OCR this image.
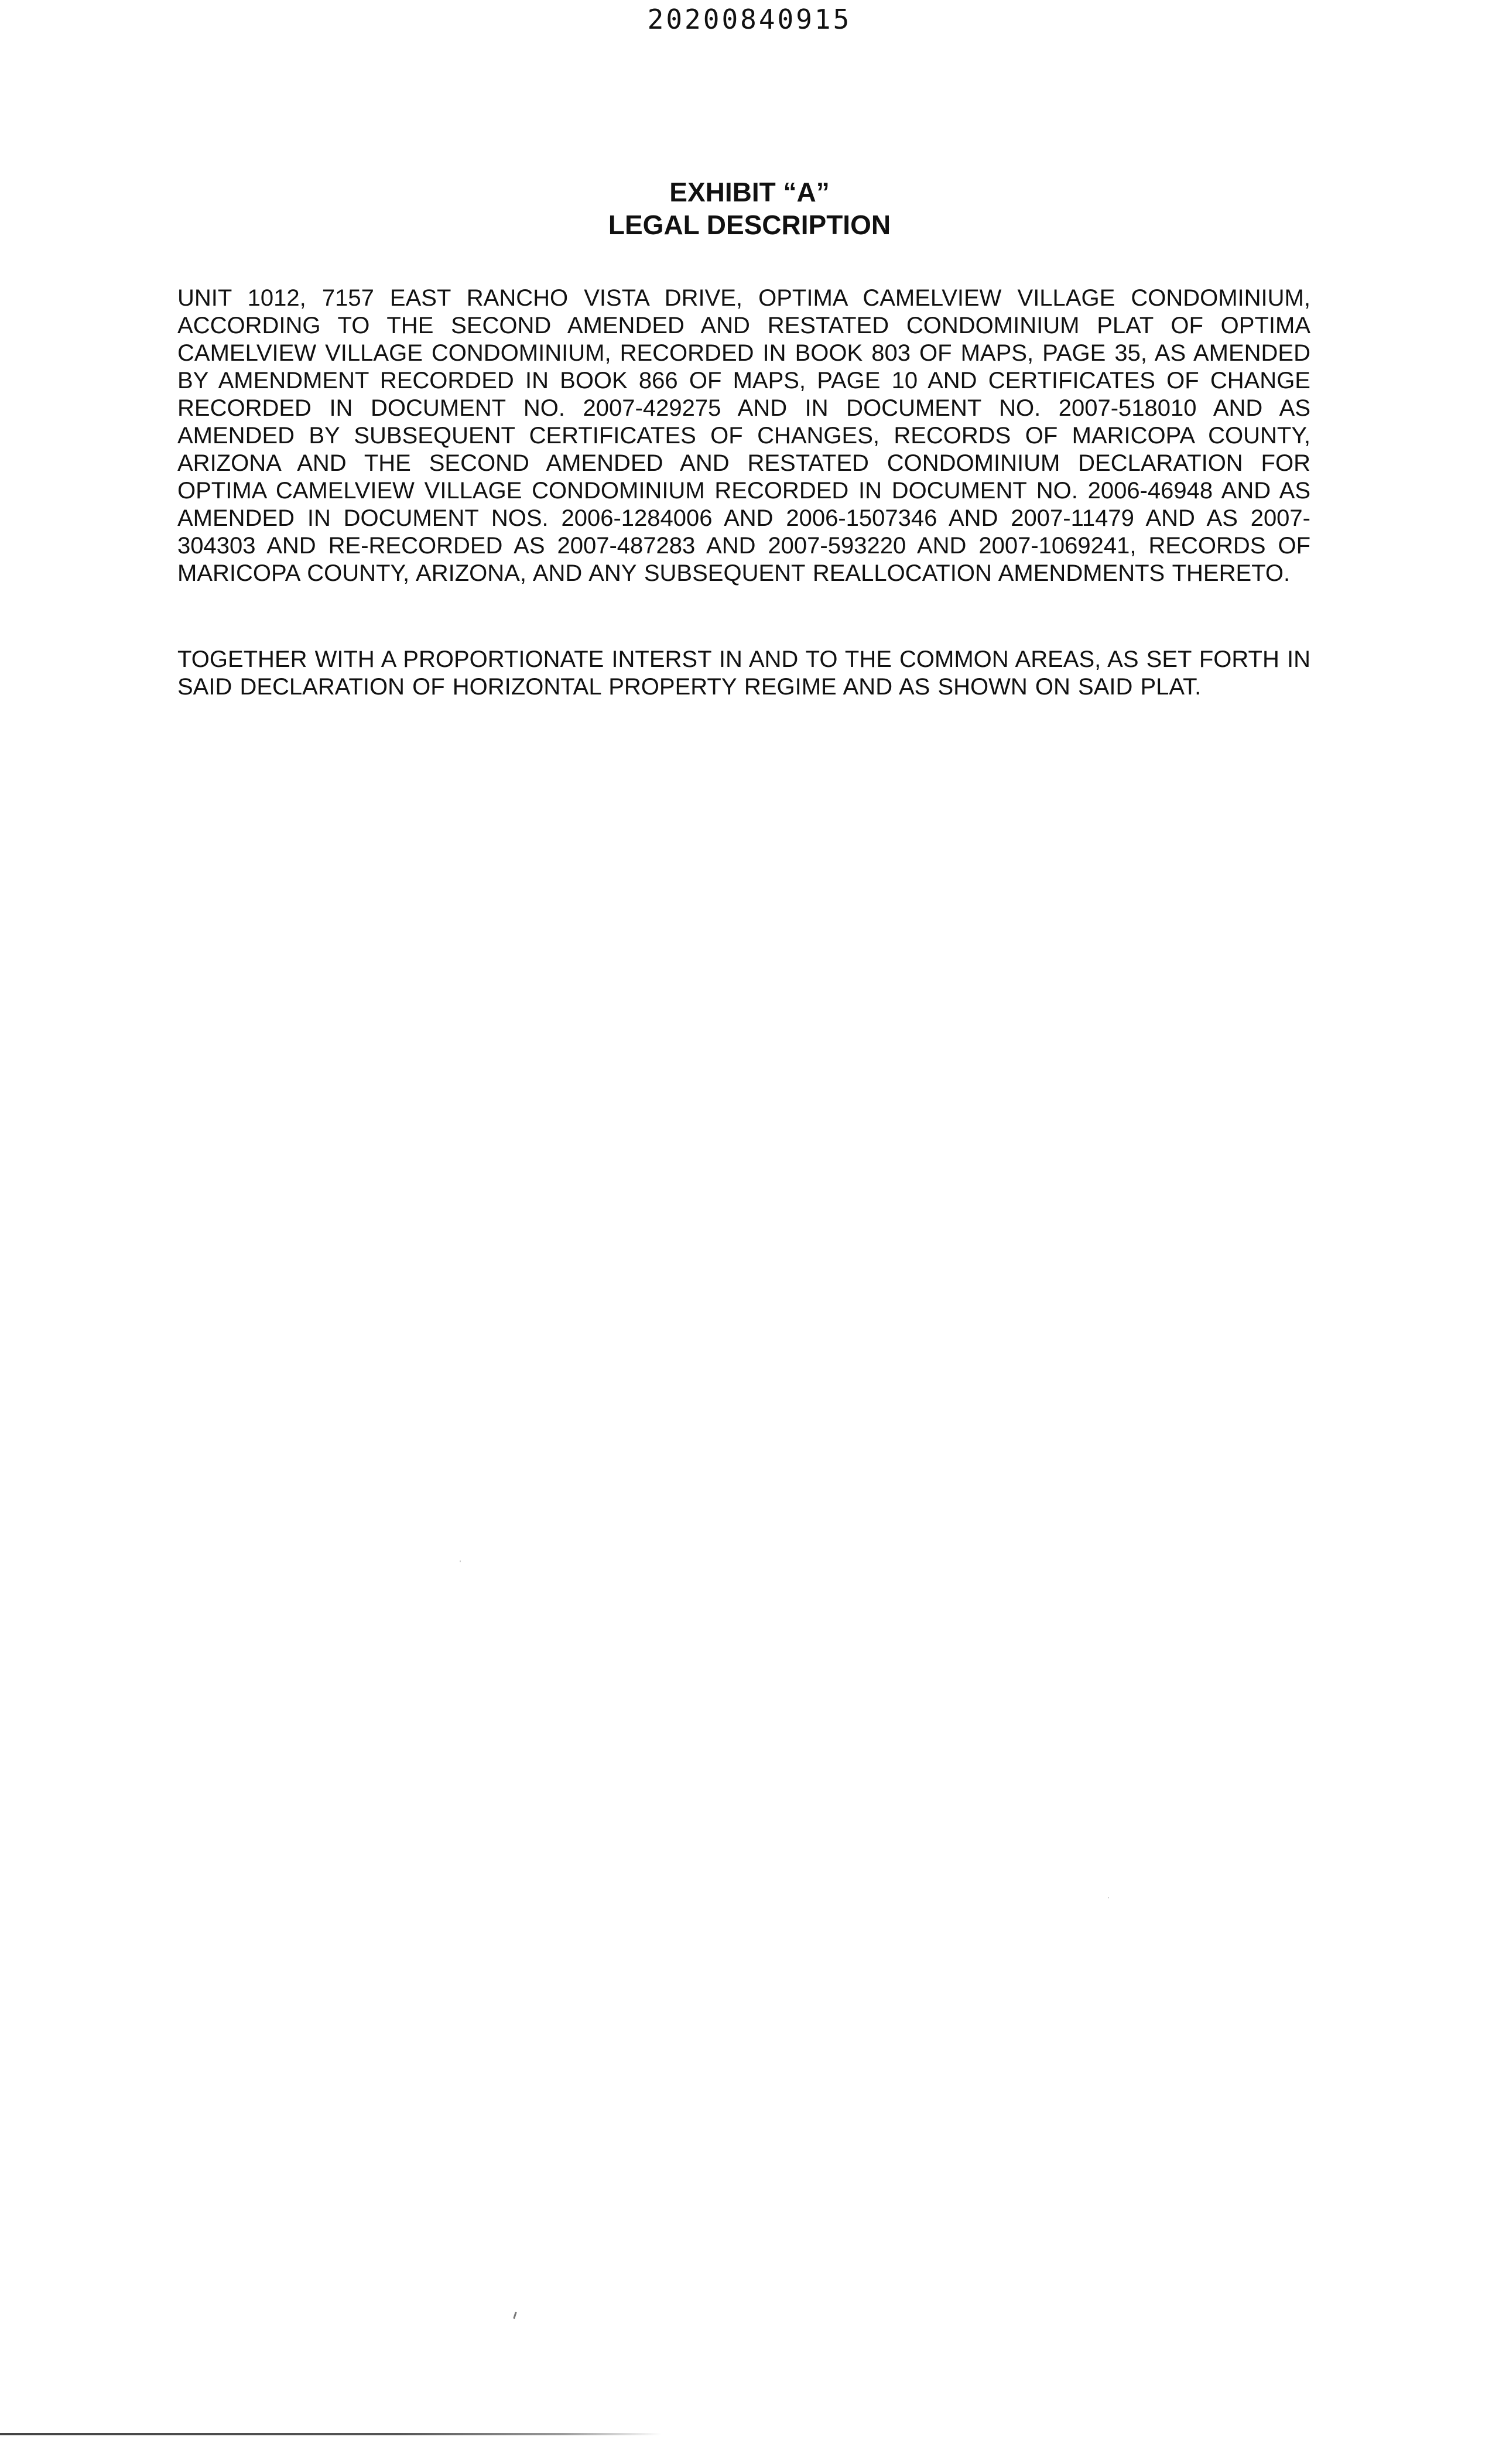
20200840915
EXHIBIT “A”
LEGAL DESCRIPTION

UNIT 1012, 7157 EAST RANCHO VISTA DRIVE, OPTIMA CAMELVIEW VILLAGE CONDOMINIUM, ACCORDING TO THE SECOND AMENDED AND RESTATED CONDOMINIUM PLAT OF OPTIMA CAMELVIEW VILLAGE CONDOMINIUM, RECORDED IN BOOK 803 OF MAPS, PAGE 35, AS AMENDED BY AMENDMENT RECORDED IN BOOK 866 OF MAPS, PAGE 10 AND CERTIFICATES OF CHANGE RECORDED IN DOCUMENT NO. 2007-429275 AND IN DOCUMENT NO. 2007-518010 AND AS AMENDED BY SUBSEQUENT CERTIFICATES OF CHANGES, RECORDS OF MARICOPA COUNTY, ARIZONA AND THE SECOND AMENDED AND RESTATED CONDOMINIUM DECLARATION FOR OPTIMA CAMELVIEW VILLAGE CONDOMINIUM RECORDED IN DOCUMENT NO. 2006-46948 AND AS AMENDED IN DOCUMENT NOS. 2006-1284006 AND 2006-1507346 AND 2007-11479 AND AS 2007-304303 AND RE-RECORDED AS 2007-487283 AND 2007-593220 AND 2007-1069241, RECORDS OF MARICOPA COUNTY, ARIZONA, AND ANY SUBSEQUENT REALLOCATION AMENDMENTS THERETO.

TOGETHER WITH A PROPORTIONATE INTERST IN AND TO THE COMMON AREAS, AS SET FORTH IN SAID DECLARATION OF HORIZONTAL PROPERTY REGIME AND AS SHOWN ON SAID PLAT.
